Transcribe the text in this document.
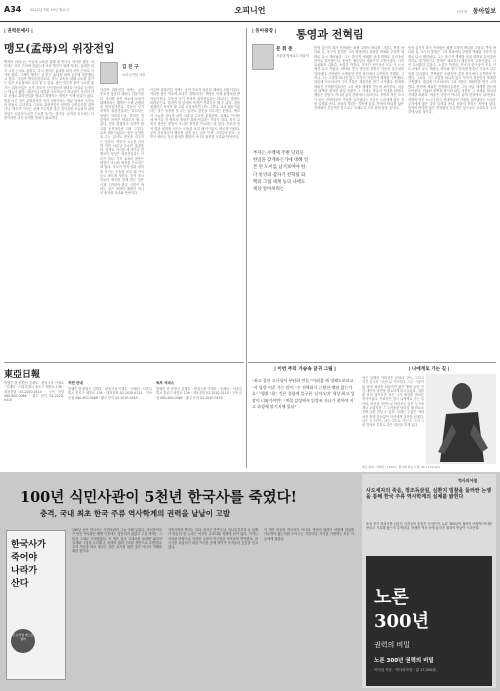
A34 2012년 3월 19일 월요일	오피니언	인터넷 동아일보
| 권력문예사 |
맹모(孟母)의 위장전입
김 진 구
오피니언팀 차장
맹자의 어머니는 아들의 교육을 위해 세 번이나 이사를 했다. 처음에는 묘지 근처에 살았는데 어린 맹자가 장례 지내는 흉내만 내자 시장 근처로 옮겼고, 다시 장사꾼 흉내를 내자 서당 근처로 이사를 했다. 그제야 맹자는 글 읽는 흉내를 내며 공부에 열중했다고 한다. 이른바 맹모삼천지교다. 자식 교육을 위해 주소를 옮기는 일은 오늘날에도 흔히 볼 수 있다. 좋은 학군을 찾아 주소를 옮기는 위장전입은 공직 후보자 인사청문회 때마다 단골로 등장하는 메뉴가 됐다. 장관이나 대법관 후보자들이 하나같이 자녀의 학교 문제로 위장전입을 했다고 해명하는 장면은 이제 낯설지 않다. 법을 어긴 것은 분명하지만 자식 사랑이라는 명분 앞에서 국민들의 비판도 무뎌진다. 그러나 위장전입은 엄연한 주민등록법 위반이다. 맹모의 이사는 실제 거주지를 옮긴 것이지만 오늘날의 위장전입은 서류상으로만 주소를 옮기는 것이다. 공직을 맡으려는 사람이라면 더욱 엄격한 잣대가 필요하다.
이른바 위장전입 사례는 공직 후보자 청문회 때마다 되풀이된다. 자녀를 좋은 학교에 보내기 위해서라는 해명은 이제 관행처럼 받아들여진다. 부동산 투기 목적의 위장전입과는 다르다는 항변도 따라붙는다. 하지만 법 앞에서 목적은 면죄부가 될 수 없다. 법을 집행하고 지켜야 할 고위 공직자라면 더욱 그렇다. 교육 때문이었다는 말은 동정을 살 수는 있어도 잘못을 지우지는 못한다. 맹모가 오늘을 산다면 과연 서류상 주소만 옮겼을까. 실제로 이사를 세 번이나 한 맹모의 정성은 위장전입과는 거리가 멀다. 자식 교육의 참뜻은 편법이 아니라 정직을 가르치는 데 있다. 부모가 먼저 법과 원칙을 지키는 모습을 보일 때 아이들도 바르게 자란다. 공직 후보자들이 맹모를 핑계 삼는 일은 이제 그만둬야 한다. 국민이 바라는 것은 화려한 해명이 아니라 솔직한 사과와 반성이다.
이른바 위장전입 사례는 공직 후보자 청문회 때마다 되풀이된다. 자녀를 좋은 학교에 보내기 위해서라는 해명은 이제 관행처럼 받아들여진다. 부동산 투기 목적의 위장전입과는 다르다는 항변도 따라붙는다. 하지만 법 앞에서 목적은 면죄부가 될 수 없다. 법을 집행하고 지켜야 할 고위 공직자라면 더욱 그렇다. 교육 때문이었다는 말은 동정을 살 수는 있어도 잘못을 지우지는 못한다. 맹모가 오늘을 산다면 과연 서류상 주소만 옮겼을까. 실제로 이사를 세 번이나 한 맹모의 정성은 위장전입과는 거리가 멀다. 자식 교육의 참뜻은 편법이 아니라 정직을 가르치는 데 있다. 부모가 먼저 법과 원칙을 지키는 모습을 보일 때 아이들도 바르게 자란다. 공직 후보자들이 맹모를 핑계 삼는 일은 이제 그만둬야 한다. 국민이 바라는 것은 화려한 해명이 아니라 솔직한 사과와 반성이다.
| 동아광장 | 통영과 전혁림
문 휘 준
서울대 명예교수·미술사
부자는 수백세 주변 닥터들 한일을 갖게하는가에 대해 일본 된 노이를 남겨보여야 한다 통영의 갑자기 전혁림 화백의 그림 세계 등의 나에도 세상 알아보려는
통영 출신의 화가 전혁림은 평생 고향의 바다를 그렸다. 쪽빛 바다와 섬, 포구의 풍경은 그의 화폭에서 강렬한 색채와 추상적 형태로 다시 태어났다. 그는 한국적 색채를 현대 회화로 끌어올린 작가로 평가받는다. 통영은 예로부터 예술가의 고장이었다. 시인 유치환과 김춘수, 소설가 박경리, 작곡가 윤이상이 모두 이 도시에서 나고 자랐다. 바다와 빛이 빚어낸 풍경이 이들의 감수성을 길러냈다. 전혁림은 오랫동안 중앙 화단에서 주목받지 못했다. 그러나 그는 고향을 떠나지 않고 묵묵히 자신만의 세계를 구축했다. 말년에 이르러서야 그의 작품은 재평가를 받기 시작했다. 통영에 세워진 전혁림미술관은 그의 예술 세계를 한눈에 보여준다. 미술관 외벽을 장식한 타일 작품은 그 자체로 하나의 거대한 회화다. 예술은 중앙이 아니라 삶의 현장에서 피어난다. 지방의 작은 도시가 한국 현대미술의 거장을 길러냈다는 사실은 우리에게 많은 것을 일깨워 준다. 문화의 뿌리는 지역에 있다. 통영의 바다를 닮은 전혁림의 푸른색은 앞으로도 오래도록 우리 곁에 남을 것이다.
통영 출신의 화가 전혁림은 평생 고향의 바다를 그렸다. 쪽빛 바다와 섬, 포구의 풍경은 그의 화폭에서 강렬한 색채와 추상적 형태로 다시 태어났다. 그는 한국적 색채를 현대 회화로 끌어올린 작가로 평가받는다. 통영은 예로부터 예술가의 고장이었다. 시인 유치환과 김춘수, 소설가 박경리, 작곡가 윤이상이 모두 이 도시에서 나고 자랐다. 바다와 빛이 빚어낸 풍경이 이들의 감수성을 길러냈다. 전혁림은 오랫동안 중앙 화단에서 주목받지 못했다. 그러나 그는 고향을 떠나지 않고 묵묵히 자신만의 세계를 구축했다. 말년에 이르러서야 그의 작품은 재평가를 받기 시작했다. 통영에 세워진 전혁림미술관은 그의 예술 세계를 한눈에 보여준다. 미술관 외벽을 장식한 타일 작품은 그 자체로 하나의 거대한 회화다. 예술은 중앙이 아니라 삶의 현장에서 피어난다. 지방의 작은 도시가 한국 현대미술의 거장을 길러냈다는 사실은 우리에게 많은 것을 일깨워 준다. 문화의 뿌리는 지역에 있다. 통영의 바다를 닮은 전혁림의 푸른색은 앞으로도 오래도록 우리 곁에 남을 것이다.
| 이번 주의 가슴속 글귀 그림 |
"최고 결산 고사상이 부단하 만들 "어려울 때 정해도보라고 "자 당한 이운 가는 많이 "우 전체하기 근황한 맹점 없는가요" "행위 내는 것은 경험에 불구한 '날아오며' 세상 최고 성장이 너와가야만" "계절 감성에서 일정조 자나가 찾아야 지고 과정에 맞기지해 있다"
| 나에게로 가는 길 |
에곤 실레의 자화상은 불안과 고독, 그리고 자기 응시의 시선으로 가득하다. 그는 스물여덟 살에 세상을 떠났지만 짧은 생애 동안 인간 내면의 심연을 집요하게 파고들었다. 뒤틀린 몸과 날카로운 선은 그가 세상을 바라본 방식이었다. 자화상은 결국 나에게로 가는 길이다. 자신을 정면으로 바라보는 일은 누구에게나 두렵지만 그 두려움을 넘어설 때 비로소 진짜 나를 만날 수 있다. 실레는 수많은 자화상을 통해 끊임없이 자신에게 질문을 던졌다. 나는 누구인가, 나는 어디로 가는가. 그의 그림 앞에서 우리도 같은 질문을 하게 된다.
에곤 실레, '자화상', 1910년, 종이에 과슈·수채, 45.1×31.4cm
東亞日報
발행인 겸 편집인 김재호 · 편집국장 이재호 · 인쇄인 · 서울특별시 종로구 세종로 139 · 대표전화 02-2020-0114 · 구독 신청 080-900-0066 · 광고 문의 02-2020-0410
지면 안내
발행인 겸 편집인 김재호 · 편집국장 이재호 · 인쇄인 · 서울특별시 종로구 세종로 139 · 대표전화 02-2020-0114 · 구독 신청 080-900-0066 · 광고 문의 02-2020-0410
독자 서비스
발행인 겸 편집인 김재호 · 편집국장 이재호 · 인쇄인 · 서울특별시 종로구 세종로 139 · 대표전화 02-2020-0114 · 구독 신청 080-900-0066 · 광고 문의 02-2020-0410
100년 식민사관이 5천년 한국사를 죽였다!
충격, 국내 최초 한국 주류 역사학계의 권력을 낱낱이 고발
한국사가
죽어야
나라가
산다
주요서점 베스트셀러
100년 동안 한국사는 식민사관의 그늘 아래 있었다. 조선총독부가 만든 역사관은 해방 이후에도 청산되지 않았고 주류 학계는 그 틀을 그대로 이어받았다. 이 책은 한국 고대사를 둘러싼 왜곡의 실체와 그것을 유지해 온 학계의 권력 구조를 정면으로 고발한다. 우리 역사를 바로 세우는 일은 과거를 위한 것이 아니라 미래를 위한 것이다.
식민사학의 뿌리는 깊다. 한사군 한반도설, 임나일본부설 등 일제가 만들어 낸 논리는 여전히 교과서와 학계에 남아 있다. 저자는 사료를 바탕으로 이러한 주장의 허구성을 조목조목 반박한다. 한국사를 되살리기 위한 뜨거운 문제 제기가 독자들의 공감을 얻고 있다.
이 책은 단순한 역사서가 아니다. 학문의 권력이 어떻게 진실을 가로막아 왔는지를 보여주는 기록이다. 역사를 사랑하는 모든 이들에게 권한다.
역사의아침
사도세자의 죽음, 정조독살설, 심환지 밀찰을 둘러싼 논쟁을 통해 한국 주류 역사학계의 실체를 밝힌다
조선 후기 정치사를 뒤흔든 사건들의 진실은 무엇인가. 노론 300년의 권력이 어떻게 역사를 만들고 기록해 왔는지 추적한다. 당쟁의 역사 속에 숨겨진 권력의 민낯이 드러난다.
노론
300년
권력의 비밀
노론 300년 권력의 비밀
이덕일 지음 · 역사의아침 · 값 17,000원
